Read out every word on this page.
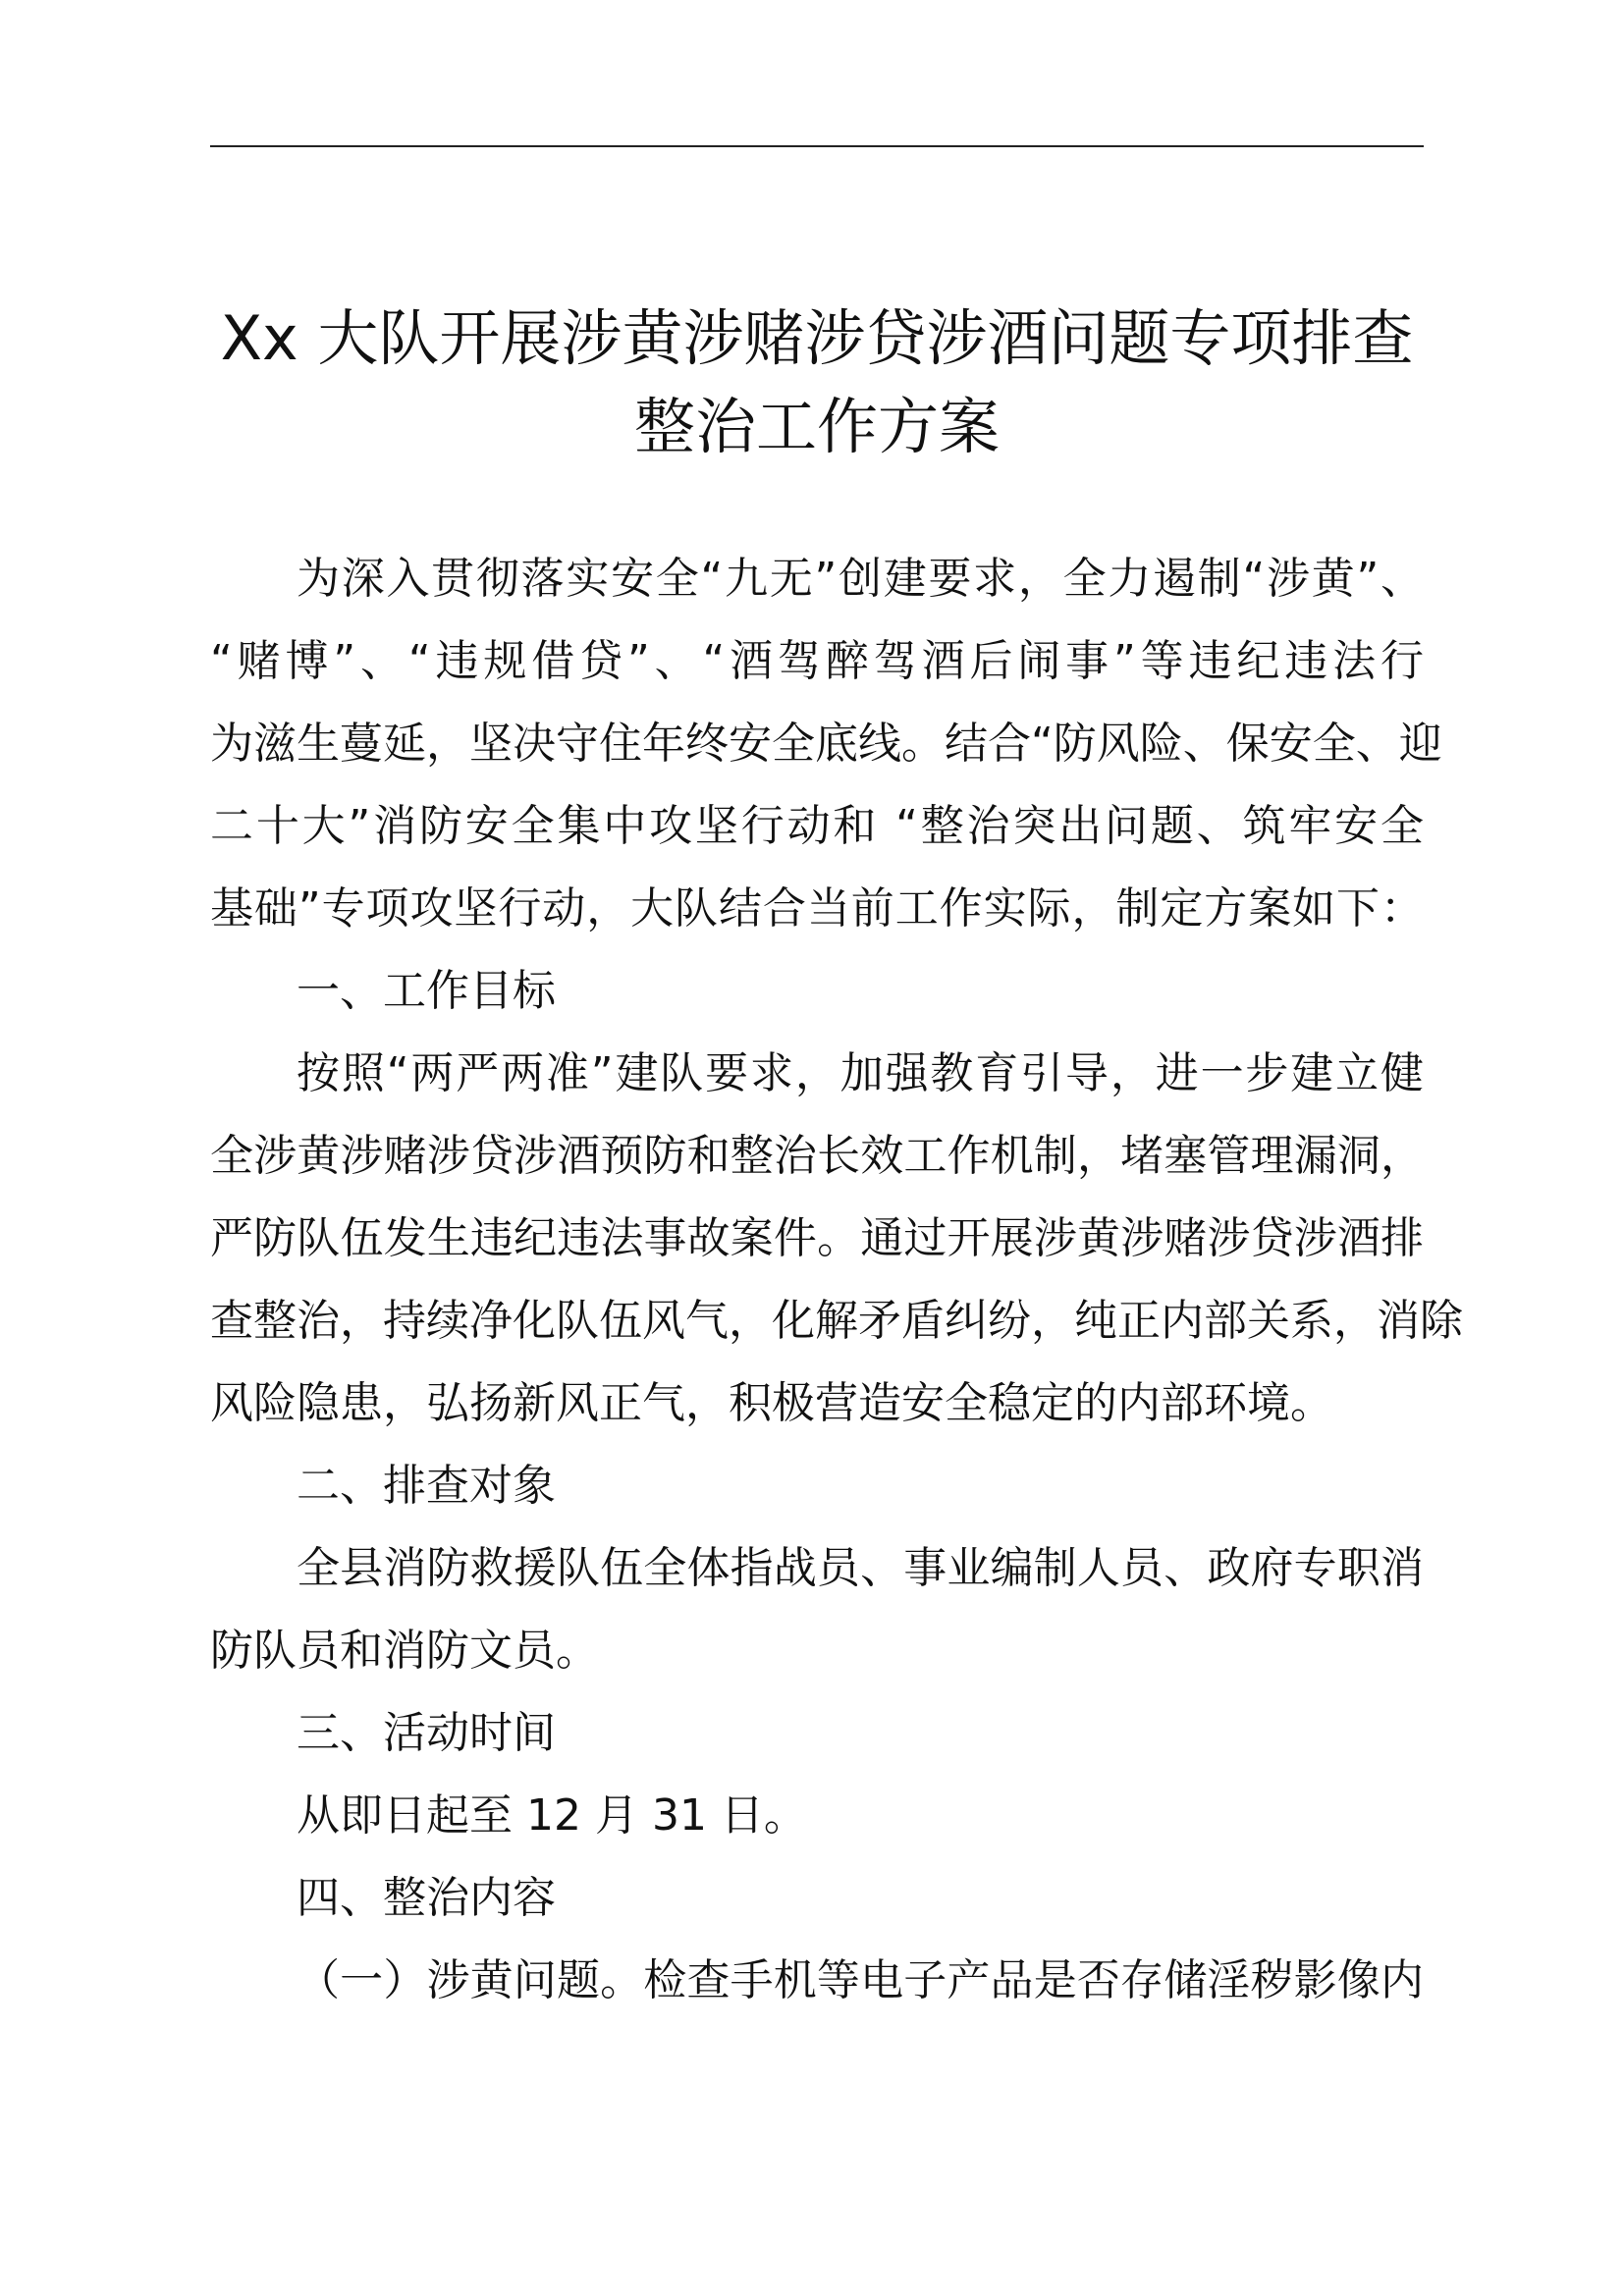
Xx 大队开展涉黄涉赌涉贷涉酒问题专项排查
整治工作方案
为深入贯彻落实安全“九无”创建要求，全力遏制“涉黄”、
“赌博”、“违规借贷”、“酒驾醉驾酒后闹事”等违纪违法行
为滋生蔓延，坚决守住年终安全底线。结合“防风险、保安全、迎
二十大”消防安全集中攻坚行动和 “整治突出问题、筑牢安全
基础”专项攻坚行动，大队结合当前工作实际，制定方案如下：
一、工作目标
按照“两严两准”建队要求，加强教育引导，进一步建立健
全涉黄涉赌涉贷涉酒预防和整治长效工作机制，堵塞管理漏洞，
严防队伍发生违纪违法事故案件。通过开展涉黄涉赌涉贷涉酒排
查整治，持续净化队伍风气，化解矛盾纠纷，纯正内部关系，消除
风险隐患，弘扬新风正气，积极营造安全稳定的内部环境。
二、排查对象
全县消防救援队伍全体指战员、事业编制人员、政府专职消
防队员和消防文员。
三、活动时间
从即日起至 12 月 31 日。
四、整治内容
（一）涉黄问题。检查手机等电子产品是否存储淫秽影像内
